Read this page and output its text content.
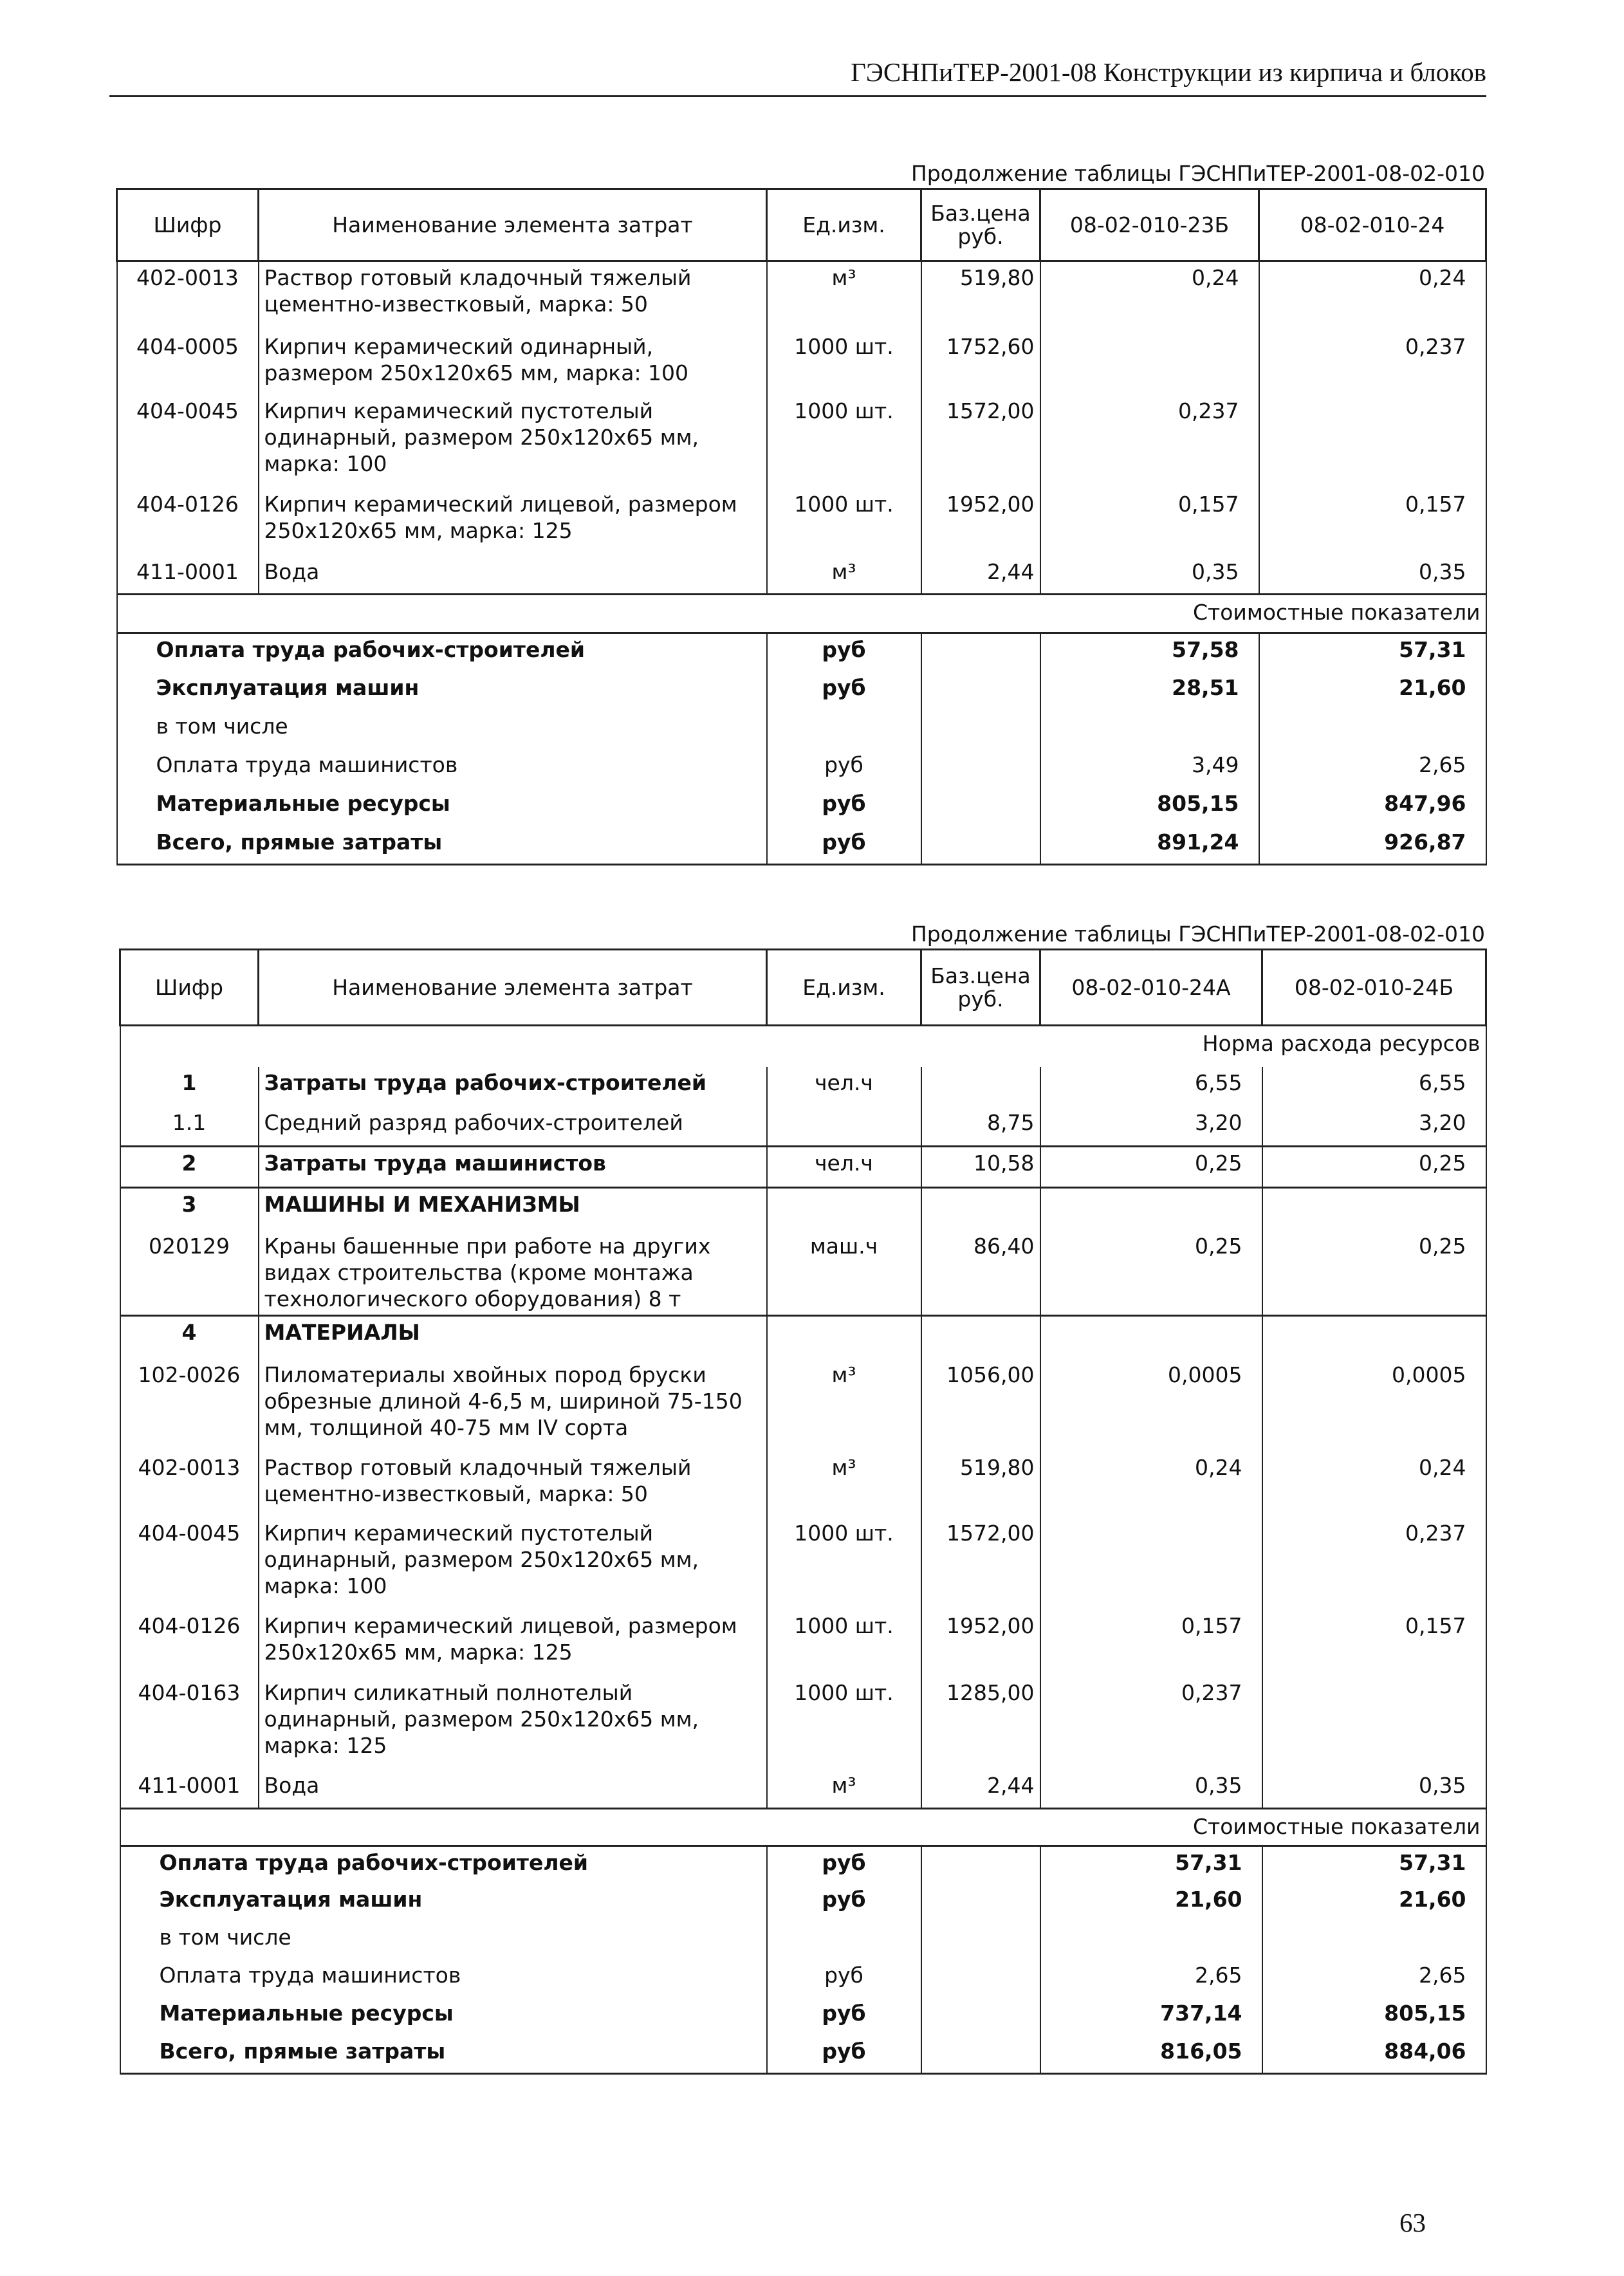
ГЭСНПиТЕР-2001-08 Конструкции из кирпича и блоков
Продолжение таблицы ГЭСНПиТЕР-2001-08-02-010
Шифр	Наименование элемента затрат	Ед.изм.	Баз.цена руб.	08-02-010-23Б	08-02-010-24
402-0013	Раствор готовый кладочный тяжелый цементно-известковый, марка: 50	м³	519,80	0,24	0,24
404-0005	Кирпич керамический одинарный, размером 250x120x65 мм, марка: 100	1000 шт.	1752,60		0,237
404-0045	Кирпич керамический пустотелый одинарный, размером 250x120x65 мм, марка: 100	1000 шт.	1572,00	0,237	
404-0126	Кирпич керамический лицевой, размером 250x120x65 мм, марка: 125	1000 шт.	1952,00	0,157	0,157
411-0001	Вода	м³	2,44	0,35	0,35
Стоимостные показатели					
Оплата труда рабочих-строителей		руб		57,58	57,31
Эксплуатация машин		руб		28,51	21,60
в том числе					
Оплата труда машинистов		руб		3,49	2,65
Материальные ресурсы		руб		805,15	847,96
Всего, прямые затраты		руб		891,24	926,87
Продолжение таблицы ГЭСНПиТЕР-2001-08-02-010
Шифр	Наименование элемента затрат	Ед.изм.	Баз.цена руб.	08-02-010-24А	08-02-010-24Б
Норма расхода ресурсов					
1	Затраты труда рабочих-строителей	чел.ч		6,55	6,55
1.1	Средний разряд рабочих-строителей		8,75	3,20	3,20
2	Затраты труда машинистов	чел.ч	10,58	0,25	0,25
3	МАШИНЫ И МЕХАНИЗМЫ				
020129	Краны башенные при работе на других видах строительства (кроме монтажа технологического оборудования) 8 т	маш.ч	86,40	0,25	0,25
4	МАТЕРИАЛЫ				
102-0026	Пиломатериалы хвойных пород бруски обрезные длиной 4-6,5 м, шириной 75-150 мм, толщиной 40-75 мм IV сорта	м³	1056,00	0,0005	0,0005
402-0013	Раствор готовый кладочный тяжелый цементно-известковый, марка: 50	м³	519,80	0,24	0,24
404-0045	Кирпич керамический пустотелый одинарный, размером 250x120x65 мм, марка: 100	1000 шт.	1572,00		0,237
404-0126	Кирпич керамический лицевой, размером 250x120x65 мм, марка: 125	1000 шт.	1952,00	0,157	0,157
404-0163	Кирпич силикатный полнотелый одинарный, размером 250x120x65 мм, марка: 125	1000 шт.	1285,00	0,237	
411-0001	Вода	м³	2,44	0,35	0,35
Стоимостные показатели					
Оплата труда рабочих-строителей		руб		57,31	57,31
Эксплуатация машин		руб		21,60	21,60
в том числе					
Оплата труда машинистов		руб		2,65	2,65
Материальные ресурсы		руб		737,14	805,15
Всего, прямые затраты		руб		816,05	884,06
63
